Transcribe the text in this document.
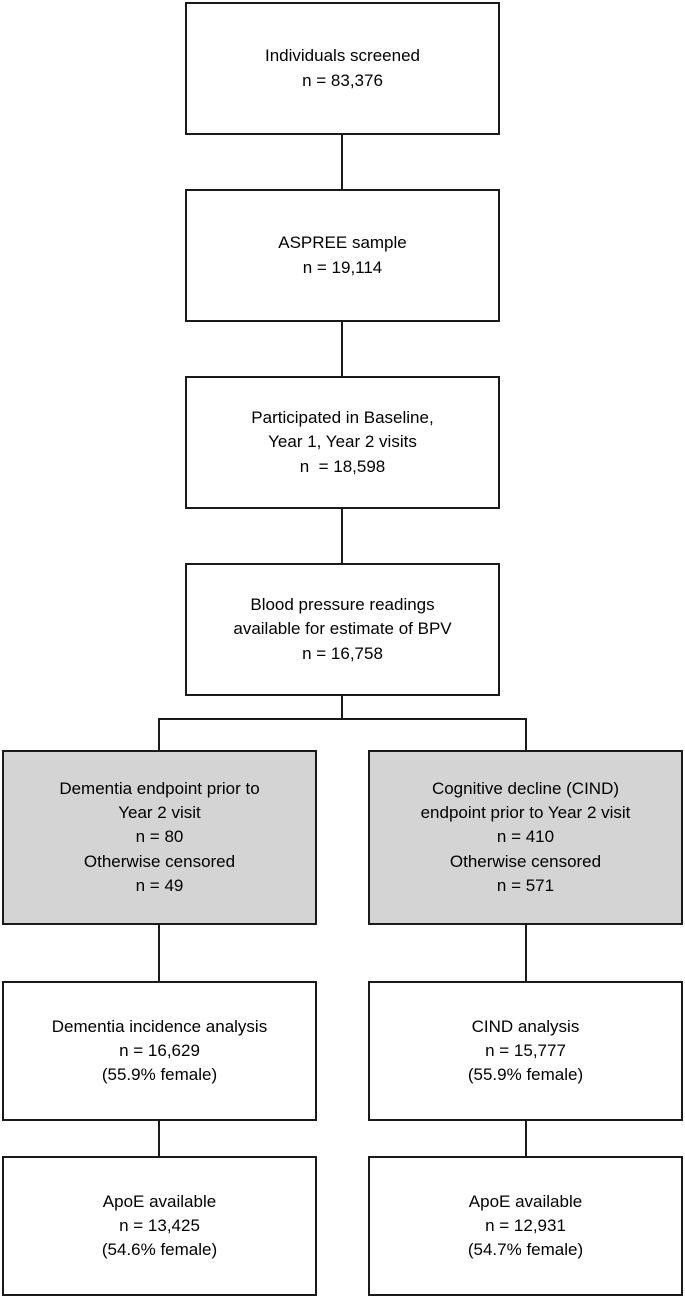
Individuals screened
n = 83,376
ASPREE sample
n = 19,114
Participated in Baseline,
Year 1, Year 2 visits
n  = 18,598
Blood pressure readings
available for estimate of BPV
n = 16,758
Dementia endpoint prior to
Year 2 visit
n = 80
Otherwise censored
n = 49
Cognitive decline (CIND)
endpoint prior to Year 2 visit
n = 410
Otherwise censored
n = 571
Dementia incidence analysis
n = 16,629
(55.9% female)
CIND analysis
n = 15,777
(55.9% female)
ApoE available
n = 13,425
(54.6% female)
ApoE available
n = 12,931
(54.7% female)
